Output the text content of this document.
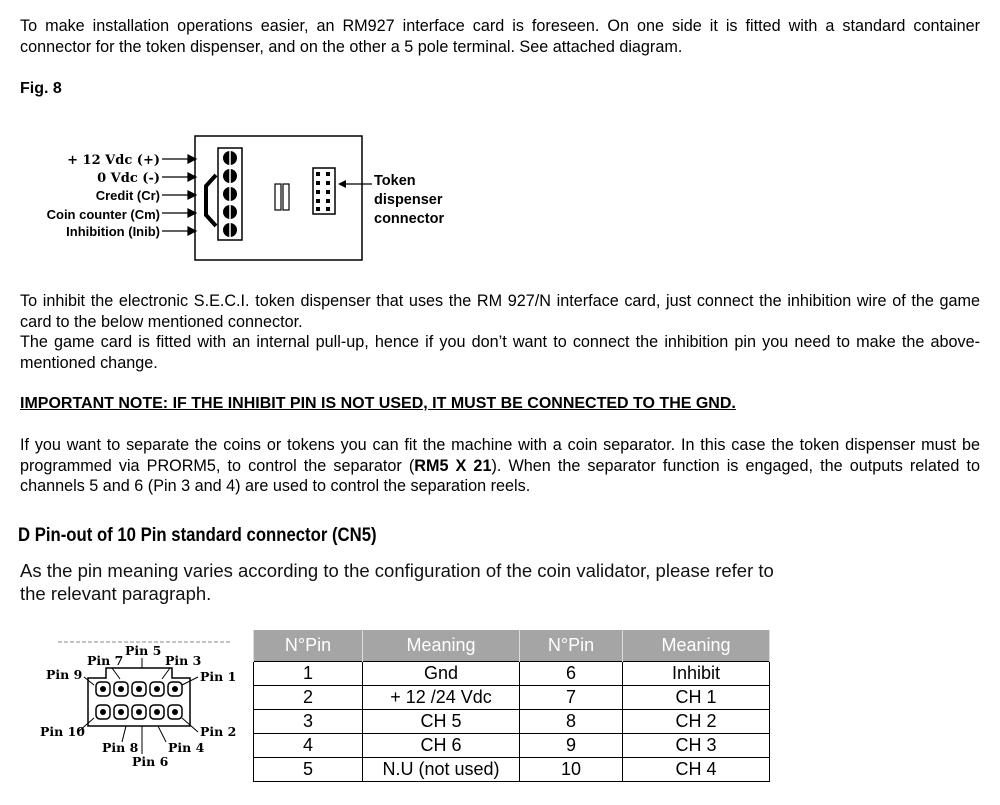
To make installation operations easier, an RM927 interface card is foreseen. On one side it is fitted with a standard container connector for the token dispenser, and on the other a 5 pole terminal. See attached diagram.

Fig. 8
+ 12 Vdc (+)
0 Vdc (-)
Credit (Cr)
Coin counter (Cm)
Inhibition (Inib)
Token
dispenser
connector

To inhibit the electronic S.E.C.I. token dispenser that uses the RM 927/N interface card, just connect the inhibition wire of the game card to the below mentioned connector.

The game card is fitted with an internal pull-up, hence if you don’t want to connect the inhibition pin you need to make the above-mentioned change.

IMPORTANT NOTE: IF THE INHIBIT PIN IS NOT USED, IT MUST BE CONNECTED TO THE GND.

If you want to separate the coins or tokens you can fit the machine with a coin separator. In this case the token dispenser must be programmed via PRORM5, to control the separator (RM5 X 21). When the separator function is engaged, the outputs related to channels 5 and 6 (Pin 3 and 4) are used to control the separation reels.

D Pin-out of 10 Pin standard connector (CN5)

As the pin meaning varies according to the configuration of the coin validator, please refer to the relevant paragraph.

Pin 5
Pin 7	Pin 3
Pin 9	Pin 1
Pin 10	Pin 2
Pin 8 Pin 4
Pin 6
N°Pin	Meaning	N°Pin	Meaning
1	Gnd	6	Inhibit
2	+ 12 /24 Vdc	7	CH 1
3	CH 5	8	CH 2
4	CH 6	9	CH 3
5	N.U (not used)	10	CH 4
